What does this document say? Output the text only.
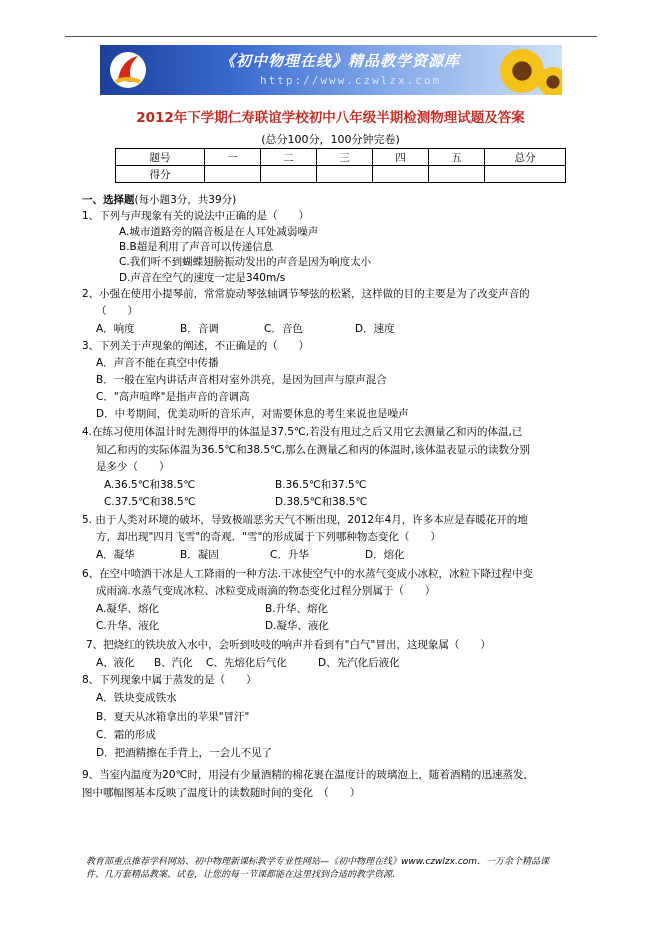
《初中物理在线》精品教学资源库
http://www.czwlzx.com
2012年下学期仁寿联谊学校初中八年级半期检测物理试题及答案
(总分100分，100分钟完卷)
题号	一	二	三	四	五	总分
得分						
一、选择题(每小题3分，共39分)
1、下列与声现象有关的说法中正确的是（　　）
A.城市道路旁的隔音板是在人耳处减弱噪声
B.B超是利用了声音可以传递信息
C.我们听不到蝴蝶翅膀振动发出的声音是因为响度太小
D.声音在空气的速度一定是340m/s
2、小强在使用小提琴前，常常旋动琴弦轴调节琴弦的松紧，这样做的目的主要是为了改变声音的
（　　）
A．响度	B．音调	C．音色	D．速度
3、下列关于声现象的阐述，不正确是的（　　）
A．声音不能在真空中传播
B．一般在室内讲话声音相对室外洪亮，是因为回声与原声混合
C．"高声喧哗"是指声音的音调高
D．中考期间，优美动听的音乐声，对需要休息的考生来说也是噪声
4.在练习使用体温计时先测得甲的体温是37.5℃,若没有甩过之后又用它去测量乙和丙的体温,已
知乙和丙的实际体温为36.5℃和38.5℃,那么在测量乙和丙的体温时,该体温表显示的读数分别
是多少（　　）
A.36.5℃和38.5℃	B.36.5℃和37.5℃
C.37.5℃和38.5℃	D.38.5℃和38.5℃
5. 由于人类对环境的破坏，导致极端恶劣天气不断出现，2012年4月，许多本应是春暖花开的地
方，却出现"四月飞雪"的奇观．"雪"的形成属于下列哪种物态变化（　　）
A．凝华	B．凝固	C．升华	D．熔化
6、在空中喷洒干冰是人工降雨的一种方法.干冰使空气中的水蒸气变成小冰粒，冰粒下降过程中变
成雨滴.水蒸气变成冰粒、冰粒变成雨滴的物态变化过程分别属于（　　）
A.凝华、熔化	B.升华、熔化
C.升华、液化	D.凝华、液化
7、把烧红的铁块放入水中，会听到吱吱的响声并看到有"白气"冒出，这现象属（　　）
A、液化 B、汽化 C、先熔化后气化	D、先汽化后液化
8、下列现象中属于蒸发的是（　　）
A．铁块变成铁水
B．夏天从冰箱拿出的苹果"冒汗"
C．霜的形成
D．把酒精擦在手背上，一会儿不见了
9、当室内温度为20℃时，用浸有少量酒精的棉花裹在温度计的玻璃泡上，随着酒精的迅速蒸发，
图中哪幅图基本反映了温度计的读数随时间的变化　（　　）
教育部重点推荐学科网站、初中物理新课标教学专业性网站—《初中物理在线》www.czwlzx.com．一万余个精品课
件、几万套精品教案、试卷，让您的每一节课都能在这里找到合适的教学资源．
